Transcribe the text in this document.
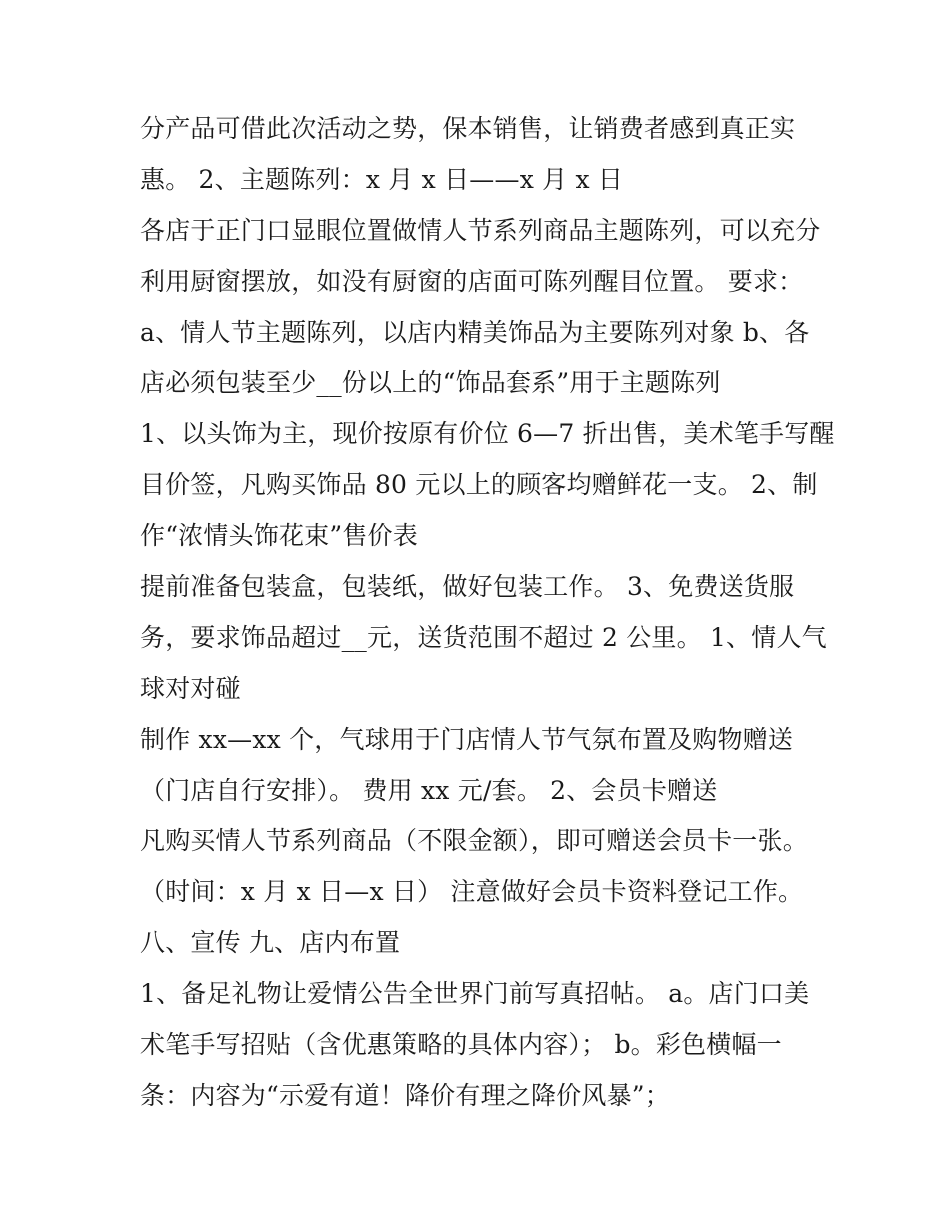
分产品可借此次活动之势，保本销售，让销费者感到真正实
惠。 2、主题陈列：x 月 x 日——x 月 x 日
各店于正门口显眼位置做情人节系列商品主题陈列，可以充分
利用厨窗摆放，如没有厨窗的店面可陈列醒目位置。 要求：
a、情人节主题陈列，以店内精美饰品为主要陈列对象 b、各
店必须包装至少__份以上的“饰品套系”用于主题陈列
1、以头饰为主，现价按原有价位 6—7 折出售，美术笔手写醒
目价签，凡购买饰品 80 元以上的顾客均赠鲜花一支。 2、制
作“浓情头饰花束”售价表
提前准备包装盒，包装纸，做好包装工作。 3、免费送货服
务，要求饰品超过__元，送货范围不超过 2 公里。 1、情人气
球对对碰
制作 xx—xx 个，气球用于门店情人节气氛布置及购物赠送
（门店自行安排）。 费用 xx 元/套。 2、会员卡赠送
凡购买情人节系列商品（不限金额），即可赠送会员卡一张。
（时间：x 月 x 日—x 日） 注意做好会员卡资料登记工作。
八、宣传 九、店内布置
1、备足礼物让爱情公告全世界门前写真招帖。 a。店门口美
术笔手写招贴（含优惠策略的具体内容）； b。彩色横幅一
条：内容为“示爱有道！降价有理之降价风暴”；
